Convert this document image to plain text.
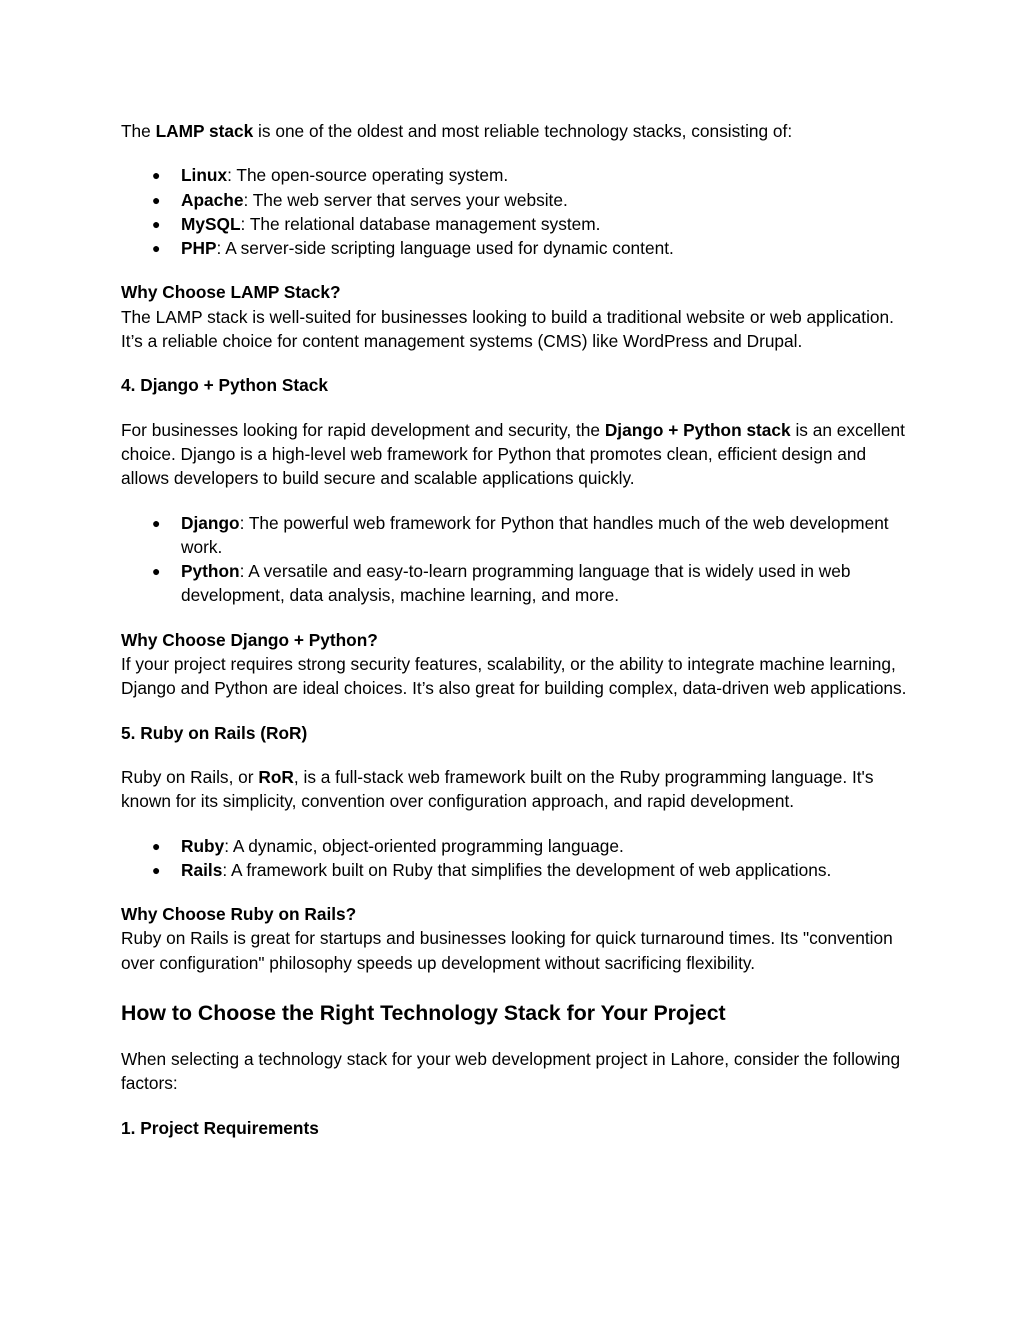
The LAMP stack is one of the oldest and most reliable technology stacks, consisting of:

● Linux: The open-source operating system.
● Apache: The web server that serves your website.
● MySQL: The relational database management system.
● PHP: A server-side scripting language used for dynamic content.

Why Choose LAMP Stack?

The LAMP stack is well-suited for businesses looking to build a traditional website or web application. It’s a reliable choice for content management systems (CMS) like WordPress and Drupal.

4. Django + Python Stack

For businesses looking for rapid development and security, the Django + Python stack is an excellent choice. Django is a high-level web framework for Python that promotes clean, efficient design and allows developers to build secure and scalable applications quickly.

● Django: The powerful web framework for Python that handles much of the web development work.
● Python: A versatile and easy-to-learn programming language that is widely used in web development, data analysis, machine learning, and more.

Why Choose Django + Python?

If your project requires strong security features, scalability, or the ability to integrate machine learning, Django and Python are ideal choices. It’s also great for building complex, data-driven web applications.

5. Ruby on Rails (RoR)

Ruby on Rails, or RoR, is a full-stack web framework built on the Ruby programming language. It's known for its simplicity, convention over configuration approach, and rapid development.

● Ruby: A dynamic, object-oriented programming language.
● Rails: A framework built on Ruby that simplifies the development of web applications.

Why Choose Ruby on Rails?

Ruby on Rails is great for startups and businesses looking for quick turnaround times. Its "convention over configuration" philosophy speeds up development without sacrificing flexibility.

How to Choose the Right Technology Stack for Your Project

When selecting a technology stack for your web development project in Lahore, consider the following factors:

1. Project Requirements
